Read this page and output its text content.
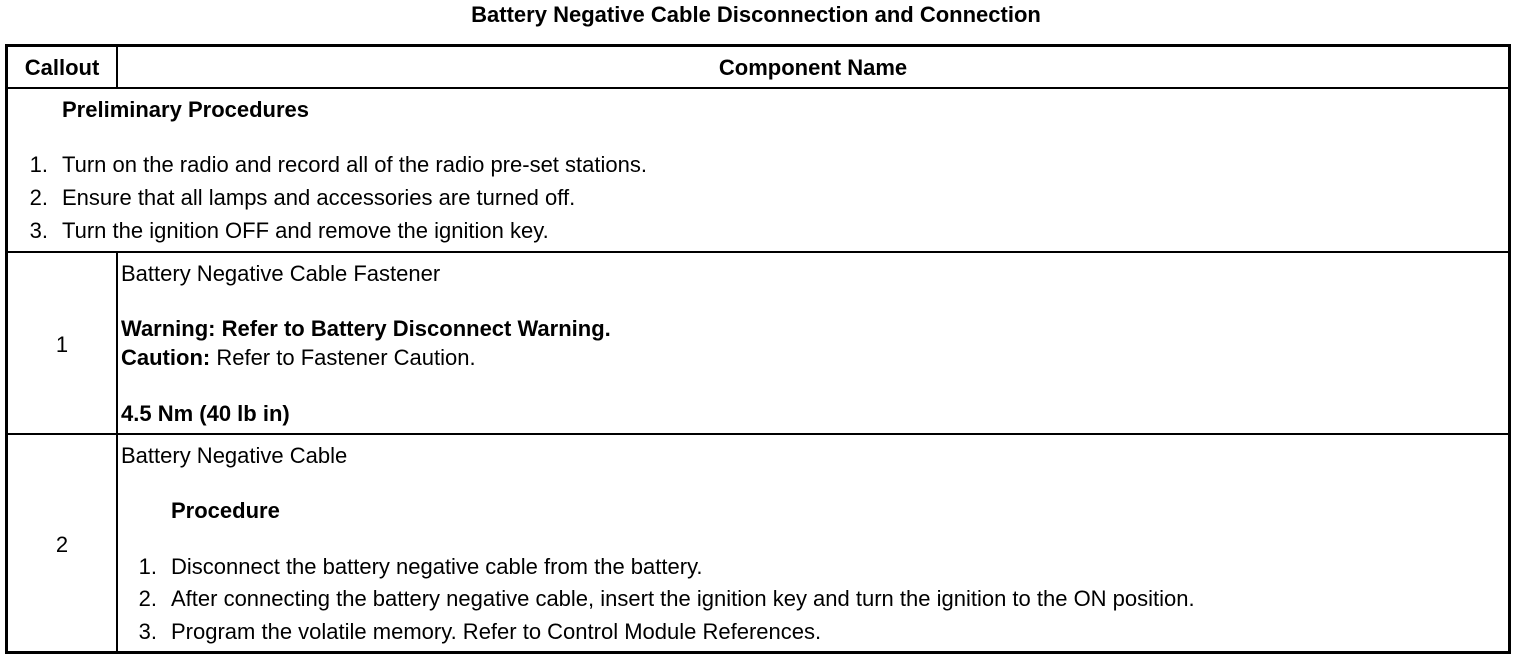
Battery Negative Cable Disconnection and Connection
Callout	Component Name
Preliminary Procedures
1. Turn on the radio and record all of the radio pre-set stations.
2. Ensure that all lamps and accessories are turned off.
3. Turn the ignition OFF and remove the ignition key.
1
Battery Negative Cable Fastener
Warning: Refer to Battery Disconnect Warning.
Caution: Refer to Fastener Caution.
4.5 Nm (40 lb in)
2
Battery Negative Cable
Procedure
1. Disconnect the battery negative cable from the battery.
2. After connecting the battery negative cable, insert the ignition key and turn the ignition to the ON position.
3. Program the volatile memory. Refer to Control Module References.
